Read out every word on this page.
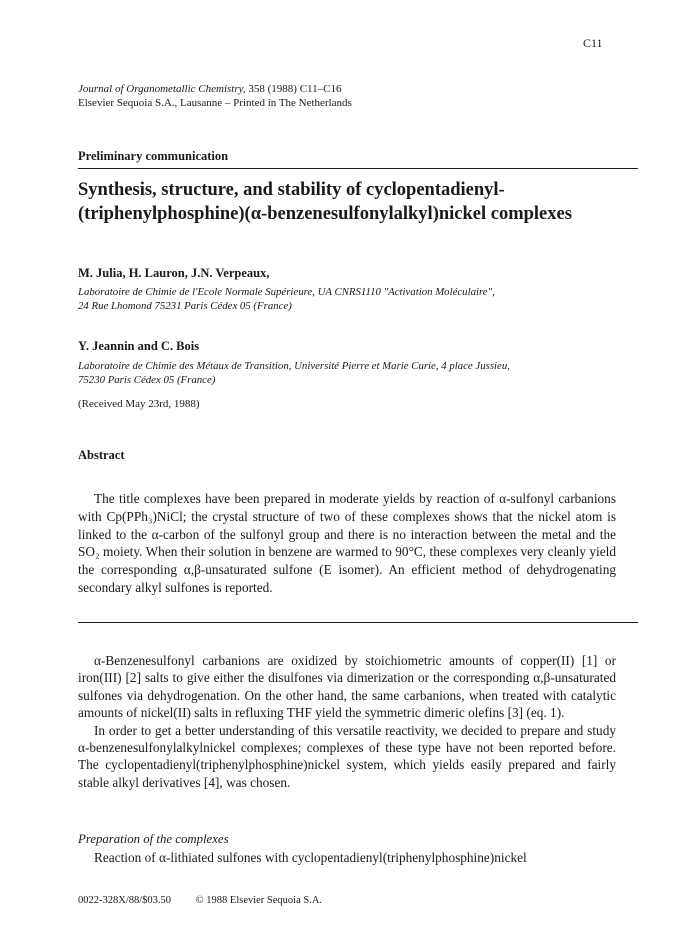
C11
Journal of Organometallic Chemistry, 358 (1988) C11–C16
Elsevier Sequoia S.A., Lausanne – Printed in The Netherlands
Preliminary communication
Synthesis, structure, and stability of cyclopentadienyl-
(triphenylphosphine)(α-benzenesulfonylalkyl)nickel complexes
M. Julia, H. Lauron, J.N. Verpeaux,
Laboratoire de Chimie de l'Ecole Normale Supérieure, UA CNRS1110 "Activation Moléculaire",
24 Rue Lhomond 75231 Paris Cédex 05 (France)
Y. Jeannin and C. Bois
Laboratoire de Chimie des Métaux de Transition, Université Pierre et Marie Curie, 4 place Jussieu,
75230 Paris Cédex 05 (France)
(Received May 23rd, 1988)
Abstract

The title complexes have been prepared in moderate yields by reaction of α-sulfonyl carbanions with Cp(PPh₃)NiCl; the crystal structure of two of these complexes shows that the nickel atom is linked to the α-carbon of the sulfonyl group and there is no interaction between the metal and the SO₂ moiety. When their solution in benzene are warmed to 90°C, these complexes very cleanly yield the corresponding α,β-unsaturated sulfone (E isomer). An efficient method of dehydrogenating secondary alkyl sulfones is reported.

α-Benzenesulfonyl carbanions are oxidized by stoichiometric amounts of copper(II) [1] or iron(III) [2] salts to give either the disulfones via dimerization or the corresponding α,β-unsaturated sulfones via dehydrogenation. On the other hand, the same carbanions, when treated with catalytic amounts of nickel(II) salts in refluxing THF yield the symmetric dimeric olefins [3] (eq. 1).

In order to get a better understanding of this versatile reactivity, we decided to prepare and study α-benzenesulfonylalkylnickel complexes; complexes of these type have not been reported before. The cyclopentadienyl(triphenylphosphine)nickel system, which yields easily prepared and fairly stable alkyl derivatives [4], was chosen.

Preparation of the complexes
Reaction of α-lithiated sulfones with cyclopentadienyl(triphenylphosphine)nickel
0022-328X/88/$03.50 © 1988 Elsevier Sequoia S.A.
